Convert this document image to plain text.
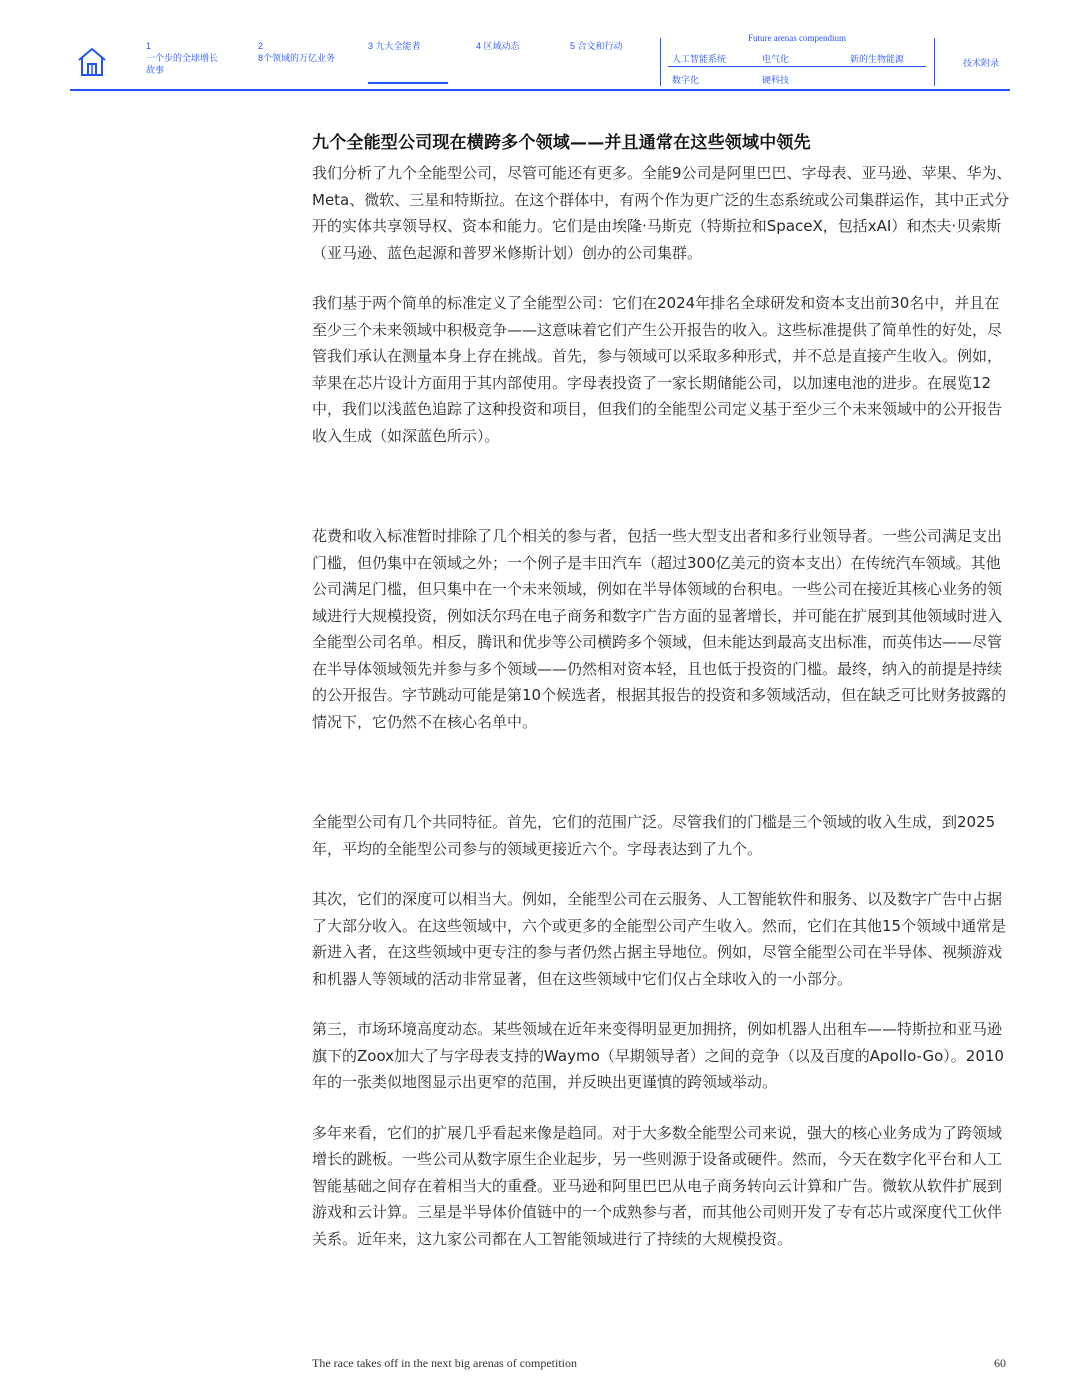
1
一个步的全球增长故事
2
8个领域的万亿业务
3 九大全能者	4 区域动态	5 合文和行动
Future arenas compendium
人工智能系统	电气化	新的生物能源
数字化	硬科技
技术附录
九个全能型公司现在横跨多个领域——并且通常在这些领域中领先

我们分析了九个全能型公司，尽管可能还有更多。全能9公司是阿里巴巴、字母表、亚马逊、苹果、华为、Meta、微软、三星和特斯拉。在这个群体中，有两个作为更广泛的生态系统或公司集群运作，其中正式分开的实体共享领导权、资本和能力。它们是由埃隆·马斯克（特斯拉和SpaceX，包括xAI）和杰夫·贝索斯（亚马逊、蓝色起源和普罗米修斯计划）创办的公司集群。

我们基于两个简单的标准定义了全能型公司：它们在2024年排名全球研发和资本支出前30名中，并且在至少三个未来领域中积极竞争——这意味着它们产生公开报告的收入。这些标准提供了简单性的好处，尽管我们承认在测量本身上存在挑战。首先，参与领域可以采取多种形式，并不总是直接产生收入。例如，苹果在芯片设计方面用于其内部使用。字母表投资了一家长期储能公司，以加速电池的进步。在展览12中，我们以浅蓝色追踪了这种投资和项目，但我们的全能型公司定义基于至少三个未来领域中的公开报告收入生成（如深蓝色所示）。

花费和收入标准暂时排除了几个相关的参与者，包括一些大型支出者和多行业领导者。一些公司满足支出门槛，但仍集中在领域之外；一个例子是丰田汽车（超过300亿美元的资本支出）在传统汽车领域。其他公司满足门槛，但只集中在一个未来领域，例如在半导体领域的台积电。一些公司在接近其核心业务的领域进行大规模投资，例如沃尔玛在电子商务和数字广告方面的显著增长，并可能在扩展到其他领域时进入全能型公司名单。相反，腾讯和优步等公司横跨多个领域，但未能达到最高支出标准，而英伟达——尽管在半导体领域领先并参与多个领域——仍然相对资本轻，且也低于投资的门槛。最终，纳入的前提是持续的公开报告。字节跳动可能是第10个候选者，根据其报告的投资和多领域活动，但在缺乏可比财务披露的情况下，它仍然不在核心名单中。

全能型公司有几个共同特征。首先，它们的范围广泛。尽管我们的门槛是三个领域的收入生成，到2025年，平均的全能型公司参与的领域更接近六个。字母表达到了九个。

其次，它们的深度可以相当大。例如，全能型公司在云服务、人工智能软件和服务、以及数字广告中占据了大部分收入。在这些领域中，六个或更多的全能型公司产生收入。然而，它们在其他15个领域中通常是新进入者，在这些领域中更专注的参与者仍然占据主导地位。例如，尽管全能型公司在半导体、视频游戏和机器人等领域的活动非常显著，但在这些领域中它们仅占全球收入的一小部分。

第三，市场环境高度动态。某些领域在近年来变得明显更加拥挤，例如机器人出租车——特斯拉和亚马逊旗下的Zoox加大了与字母表支持的Waymo（早期领导者）之间的竞争（以及百度的Apollo-Go）。2010年的一张类似地图显示出更窄的范围，并反映出更谨慎的跨领域举动。

多年来看，它们的扩展几乎看起来像是趋同。对于大多数全能型公司来说，强大的核心业务成为了跨领域增长的跳板。一些公司从数字原生企业起步，另一些则源于设备或硬件。然而，今天在数字化平台和人工智能基础之间存在着相当大的重叠。亚马逊和阿里巴巴从电子商务转向云计算和广告。微软从软件扩展到游戏和云计算。三星是半导体价值链中的一个成熟参与者，而其他公司则开发了专有芯片或深度代工伙伴关系。近年来，这九家公司都在人工智能领域进行了持续的大规模投资。

The race takes off in the next big arenas of competition	60
